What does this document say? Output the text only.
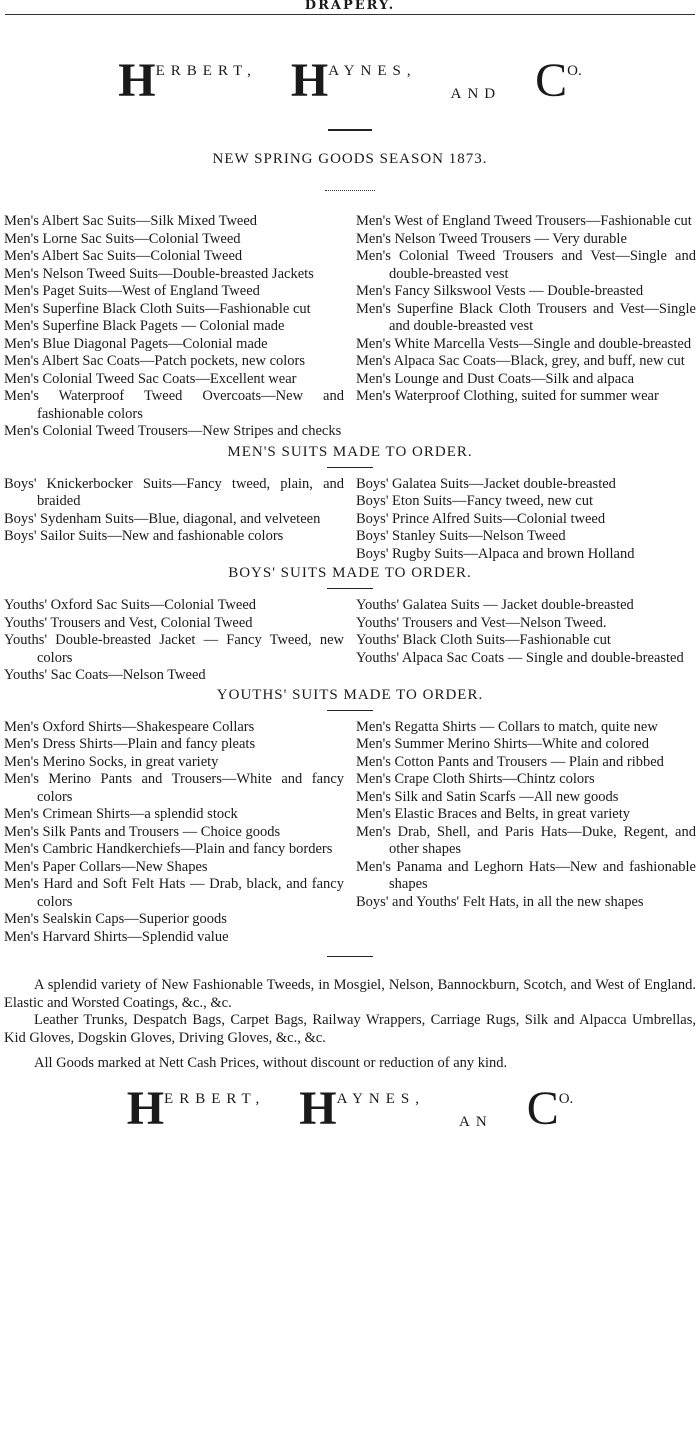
DRAPERY.
H ERBERT, H AYNES,
AND C O.
NEW SPRING GOODS SEASON 1873.
Men's Albert Sac Suits—Silk Mixed Tweed
Men's Lorne Sac Suits—Colonial Tweed
Men's Albert Sac Suits—Colonial Tweed
Men's Nelson Tweed Suits—Double-breasted Jackets
Men's Paget Suits—West of England Tweed
Men's Superfine Black Cloth Suits—Fashionable cut
Men's Superfine Black Pagets — Colonial made
Men's Blue Diagonal Pagets—Colonial made
Men's Albert Sac Coats—Patch pockets, new colors
Men's Colonial Tweed Sac Coats—Excellent wear
Men's Waterproof Tweed Overcoats—New and fashionable colors
Men's Colonial Tweed Trousers—New Stripes and checks
Men's West of England Tweed Trousers—Fashionable cut
Men's Nelson Tweed Trousers — Very durable
Men's Colonial Tweed Trousers and Vest—Single and double-breasted vest
Men's Fancy Silkswool Vests — Double-breasted
Men's Superfine Black Cloth Trousers and Vest—Single and double-breasted vest
Men's White Marcella Vests—Single and double-breasted
Men's Alpaca Sac Coats—Black, grey, and buff, new cut
Men's Lounge and Dust Coats—Silk and alpaca
Men's Waterproof Clothing, suited for summer wear
MEN'S SUITS MADE TO ORDER.
Boys' Knickerbocker Suits—Fancy tweed, plain, and braided
Boys' Sydenham Suits—Blue, diagonal, and velveteen
Boys' Sailor Suits—New and fashionable colors
Boys' Galatea Suits—Jacket double-breasted
Boys' Eton Suits—Fancy tweed, new cut
Boys' Prince Alfred Suits—Colonial tweed
Boys' Stanley Suits—Nelson Tweed
Boys' Rugby Suits—Alpaca and brown Holland
BOYS' SUITS MADE TO ORDER.
Youths' Oxford Sac Suits—Colonial Tweed
Youths' Trousers and Vest, Colonial Tweed
Youths' Double-breasted Jacket — Fancy Tweed, new colors
Youths' Sac Coats—Nelson Tweed
Youths' Galatea Suits — Jacket double-breasted
Youths' Trousers and Vest—Nelson Tweed.
Youths' Black Cloth Suits—Fashionable cut
Youths' Alpaca Sac Coats — Single and double-breasted
YOUTHS' SUITS MADE TO ORDER.
Men's Oxford Shirts—Shakespeare Collars
Men's Dress Shirts—Plain and fancy pleats
Men's Merino Socks, in great variety
Men's Merino Pants and Trousers—White and fancy colors
Men's Crimean Shirts—a splendid stock
Men's Silk Pants and Trousers — Choice goods
Men's Cambric Handkerchiefs—Plain and fancy borders
Men's Paper Collars—New Shapes
Men's Hard and Soft Felt Hats — Drab, black, and fancy colors
Men's Sealskin Caps—Superior goods
Men's Harvard Shirts—Splendid value
Men's Regatta Shirts — Collars to match, quite new
Men's Summer Merino Shirts—White and colored
Men's Cotton Pants and Trousers — Plain and ribbed
Men's Crape Cloth Shirts—Chintz colors
Men's Silk and Satin Scarfs —All new goods
Men's Elastic Braces and Belts, in great variety
Men's Drab, Shell, and Paris Hats—Duke, Regent, and other shapes
Men's Panama and Leghorn Hats—New and fashionable shapes
Boys' and Youths' Felt Hats, in all the new shapes
A splendid variety of New Fashionable Tweeds, in Mosgiel, Nelson, Bannockburn, Scotch, and West of England. Elastic and Worsted Coatings, &c., &c.
Leather Trunks, Despatch Bags, Carpet Bags, Railway Wrappers, Carriage Rugs, Silk and Alpacca Umbrellas, Kid Gloves, Dogskin Gloves, Driving Gloves, &c., &c.
All Goods marked at Nett Cash Prices, without discount or reduction of any kind.
H ERBERT, H AYNES,
AN C O.
